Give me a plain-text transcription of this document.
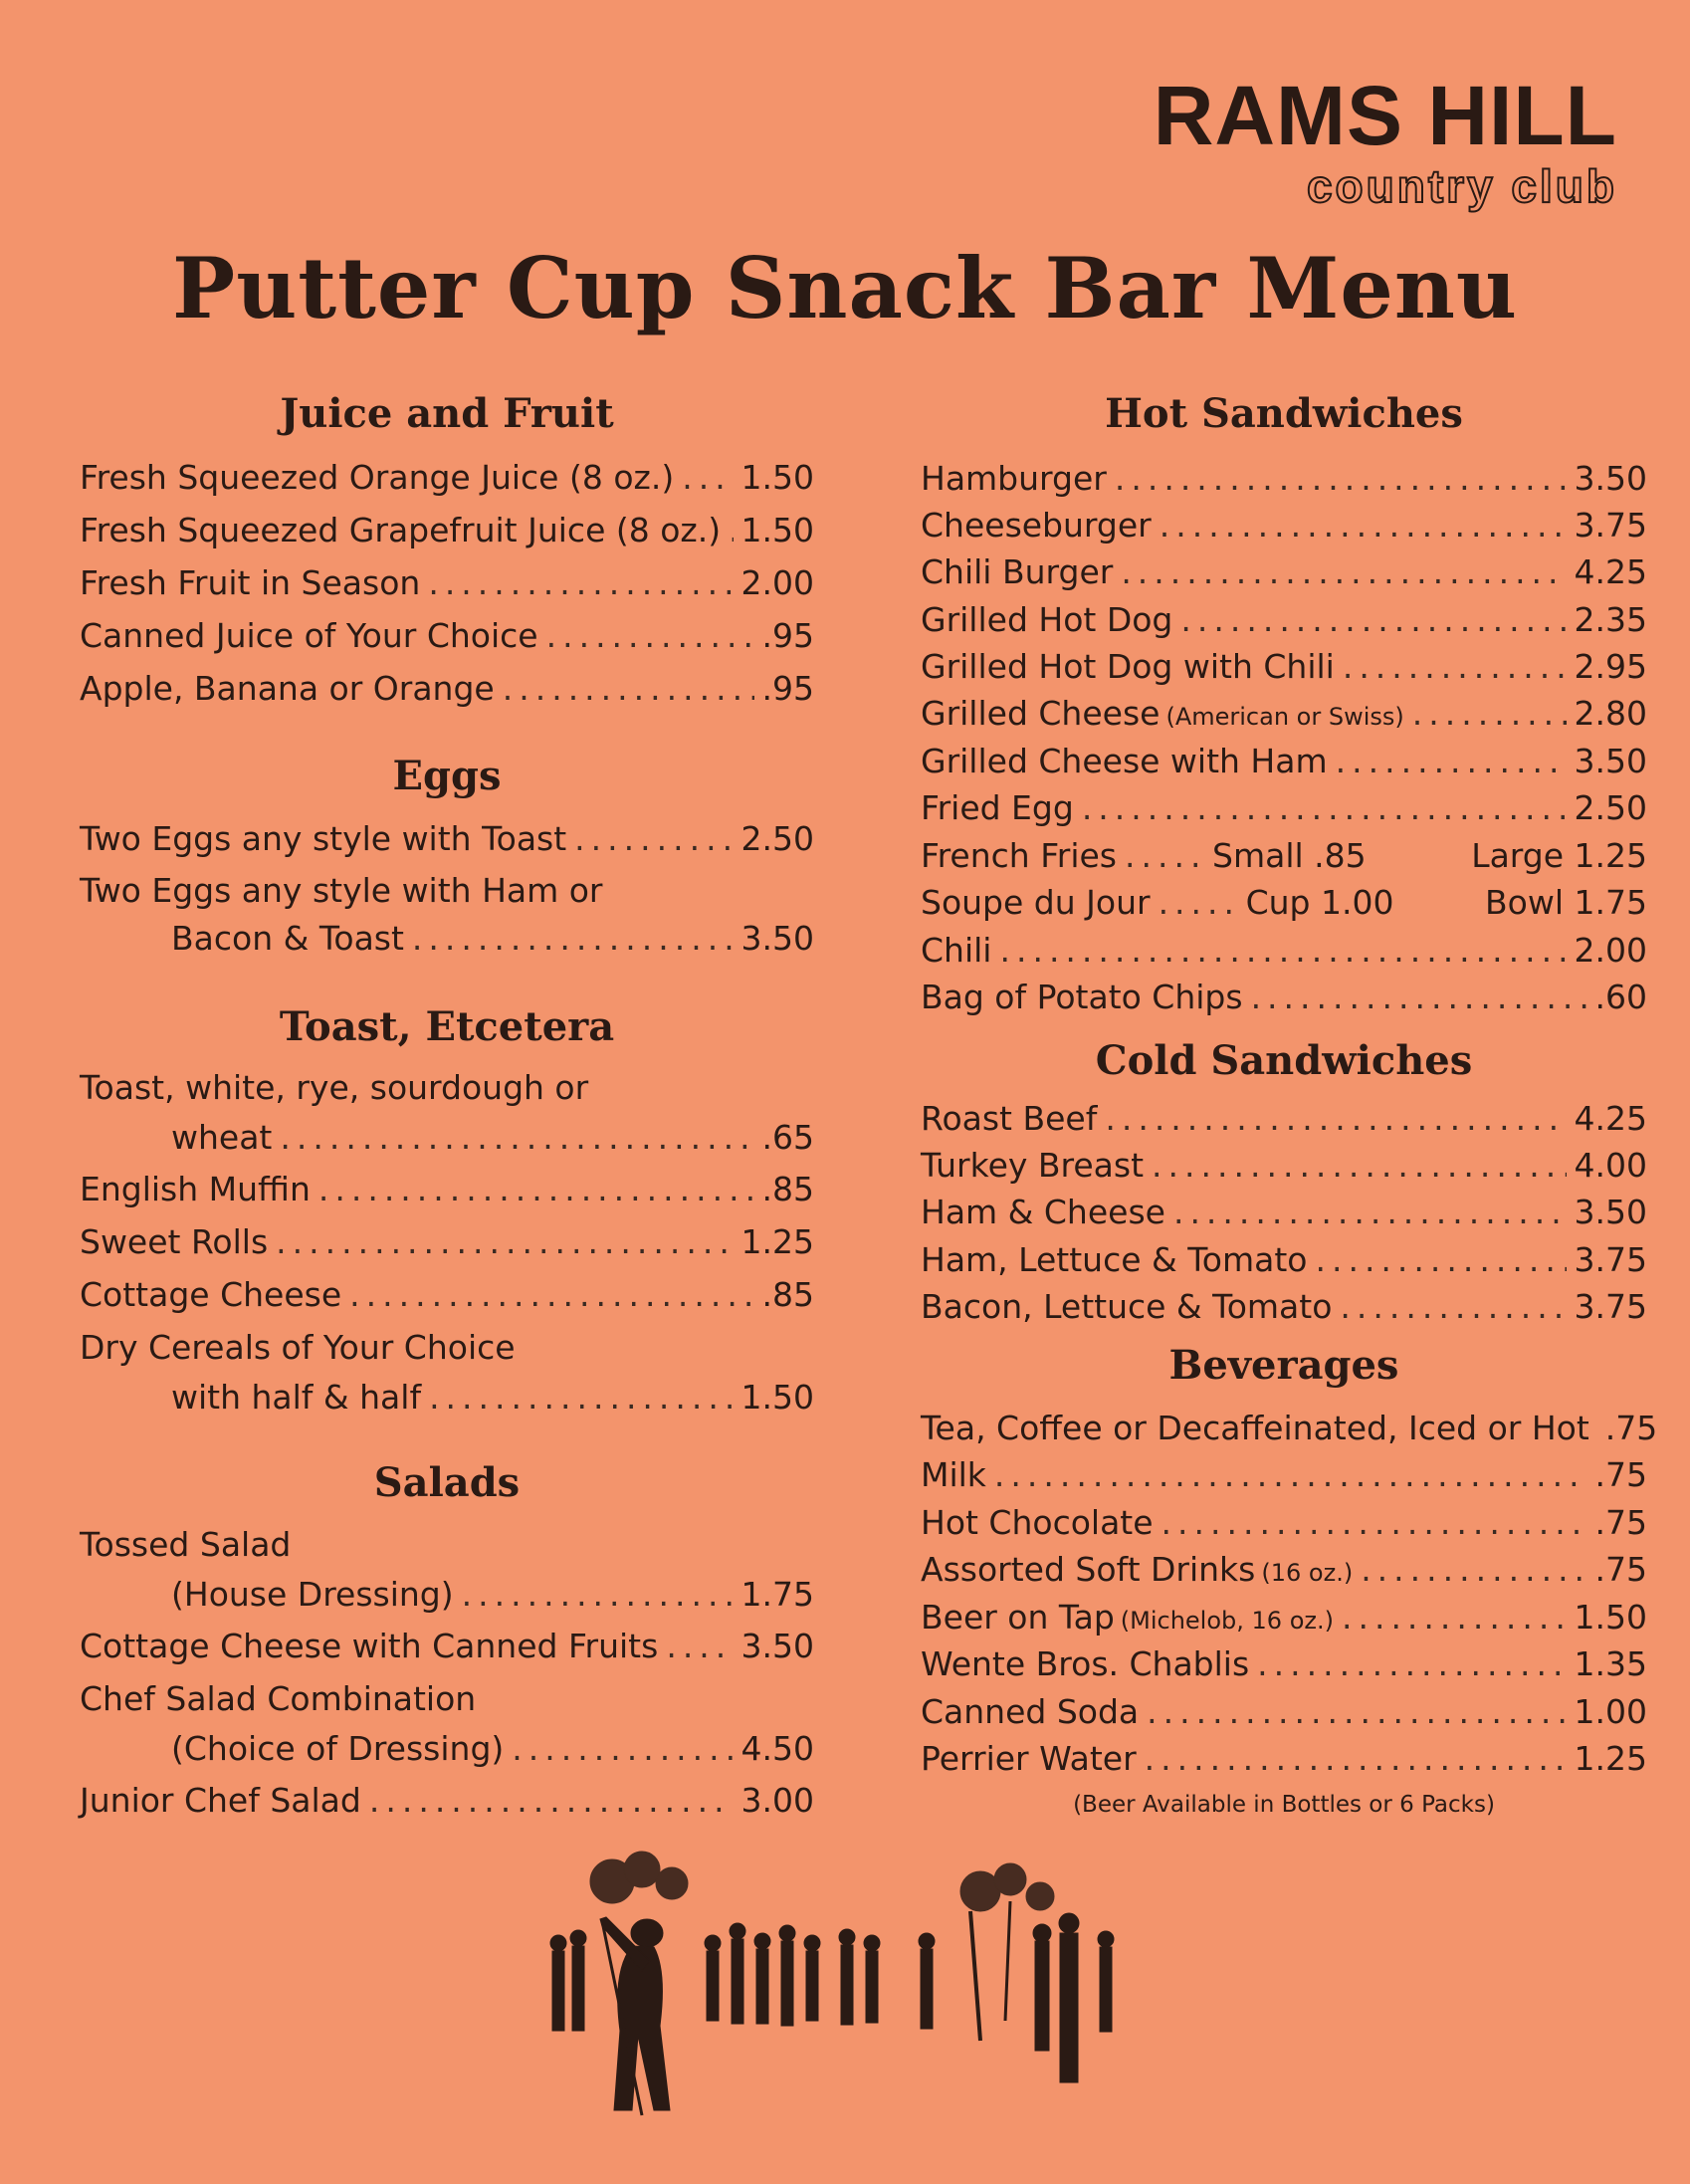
RAMS HILL
country club
Putter Cup Snack Bar Menu
Juice and Fruit
Fresh Squeezed Orange Juice (8 oz.) ..... 1.50
Fresh Squeezed Grapefruit Juice (8 oz.) ..... 1.50
Fresh Fruit in Season .....	2.00
Canned Juice of Your Choice .....	.95
Apple, Banana or Orange .....	.95
Eggs
Two Eggs any style with Toast .....	2.50
Two Eggs any style with Ham or
Bacon & Toast .....	3.50
Toast, Etcetera
Toast, white, rye, sourdough or
wheat .....	.65
English Muffin .....	.85
Sweet Rolls .....	1.25
Cottage Cheese .....	.85
Dry Cereals of Your Choice
with half & half .....	1.50
Salads
Tossed Salad
(House Dressing) .....	1.75
Cottage Cheese with Canned Fruits .....	3.50
Chef Salad Combination
(Choice of Dressing) .....	4.50
Junior Chef Salad .....	3.00
Hot Sandwiches
Hamburger .....	3.50
Cheeseburger .....	3.75
Chili Burger .....	4.25
Grilled Hot Dog .....	2.35
Grilled Hot Dog with Chili .....	2.95
Grilled Cheese (American or Swiss) .....	2.80
Grilled Cheese with Ham .....	3.50
Fried Egg .....	2.50
French Fries .....	Small .85	Large 1.25
Soupe du Jour .....	Cup 1.00	Bowl 1.75
Chili .....	2.00
Bag of Potato Chips .....	.60
Cold Sandwiches
Roast Beef .....	4.25
Turkey Breast .....	4.00
Ham & Cheese .....	3.50
Ham, Lettuce & Tomato .....	3.75
Bacon, Lettuce & Tomato .....	3.75
Beverages
Tea, Coffee or Decaffeinated, Iced or Hot .75
Milk .....	.75
Hot Chocolate .....	.75
Assorted Soft Drinks (16 oz.) .....	.75
Beer on Tap (Michelob, 16 oz.) .....	1.50
Wente Bros. Chablis .....	1.35
Canned Soda .....	1.00
Perrier Water .....	1.25
(Beer Available in Bottles or 6 Packs)
